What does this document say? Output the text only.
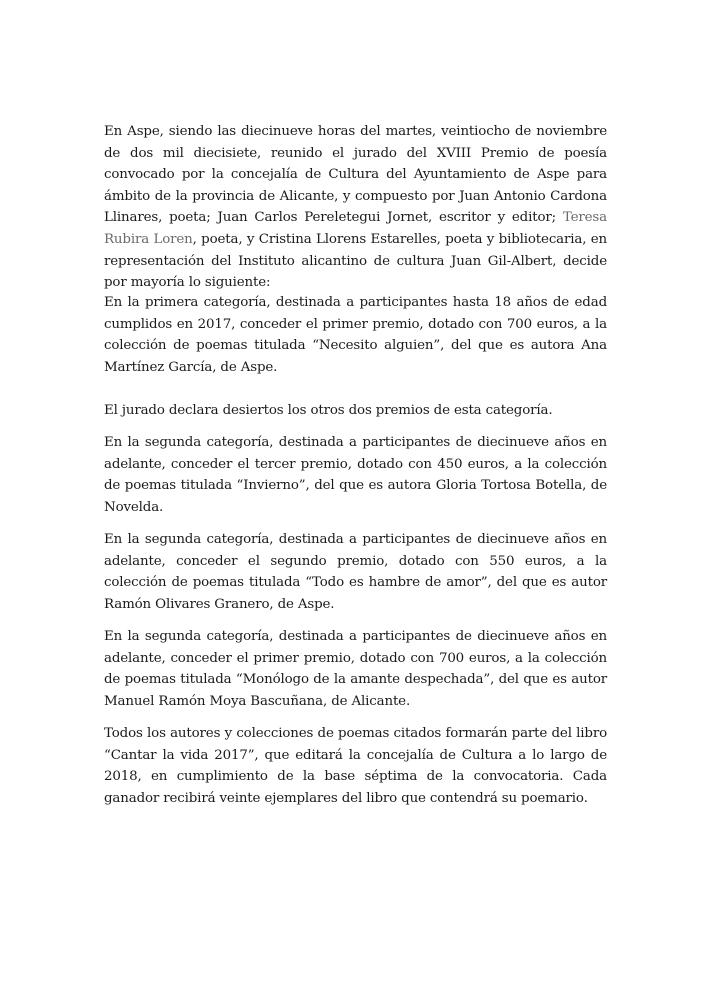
En Aspe, siendo las diecinueve horas del martes, veintiocho de noviembre de dos mil diecisiete, reunido el jurado del XVIII Premio de poesía convocado por la concejalía de Cultura del Ayuntamiento de Aspe para ámbito de la provincia de Alicante, y compuesto por Juan Antonio Cardona Llinares, poeta; Juan Carlos Pereletegui Jornet, escritor y editor; Teresa Rubira Loren, poeta, y Cristina Llorens Estarelles, poeta y bibliotecaria, en representación del Instituto alicantino de cultura Juan Gil-Albert, decide por mayoría lo siguiente:

En la primera categoría, destinada a participantes hasta 18 años de edad cumplidos en 2017, conceder el primer premio, dotado con 700 euros, a la colección de poemas titulada “Necesito alguien”, del que es autora Ana Martínez García, de Aspe.

El jurado declara desiertos los otros dos premios de esta categoría.

En la segunda categoría, destinada a participantes de diecinueve años en adelante, conceder el tercer premio, dotado con 450 euros, a la colección de poemas titulada “Invierno”, del que es autora Gloria Tortosa Botella, de Novelda.

En la segunda categoría, destinada a participantes de diecinueve años en adelante, conceder el segundo premio, dotado con 550 euros, a la colección de poemas titulada “Todo es hambre de amor”, del que es autor Ramón Olivares Granero, de Aspe.

En la segunda categoría, destinada a participantes de diecinueve años en adelante, conceder el primer premio, dotado con 700 euros, a la colección de poemas titulada “Monólogo de la amante despechada”, del que es autor Manuel Ramón Moya Bascuñana, de Alicante.

Todos los autores y colecciones de poemas citados formarán parte del libro “Cantar la vida 2017”, que editará la concejalía de Cultura a lo largo de 2018, en cumplimiento de la base séptima de la convocatoria. Cada ganador recibirá veinte ejemplares del libro que contendrá su poemario.
